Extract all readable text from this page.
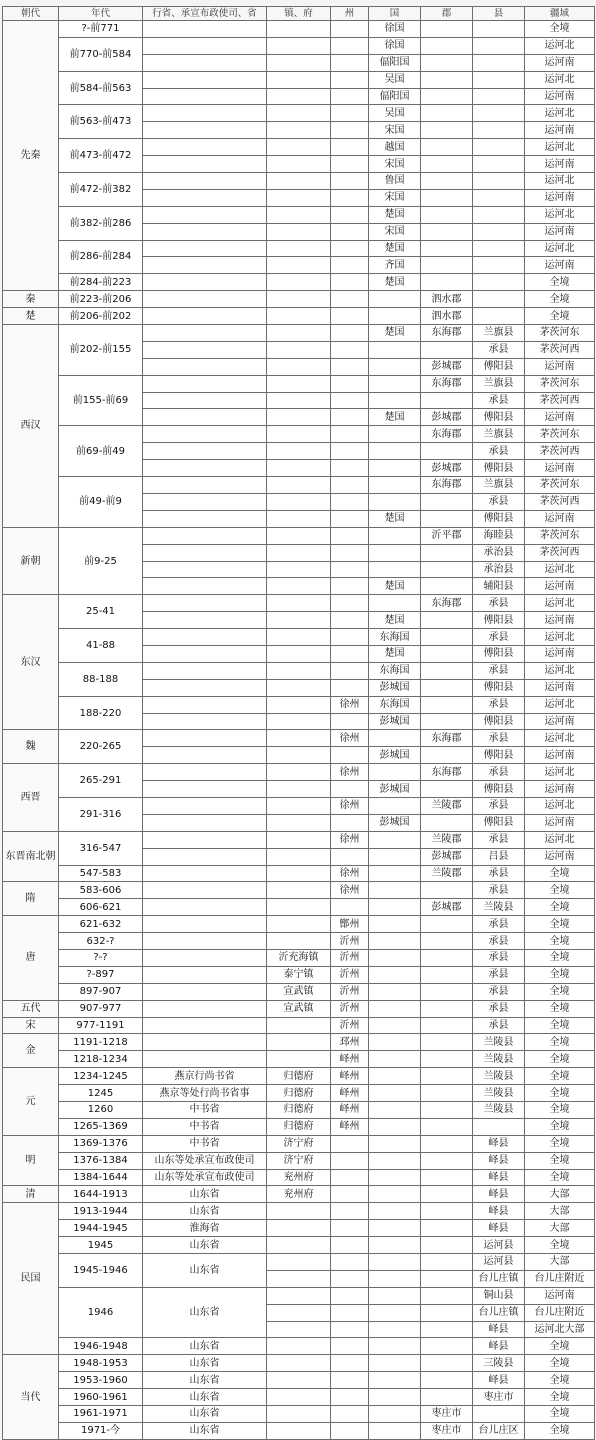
朝代	年代	行省、承宣布政使司、省	镇、府	州	国	郡	县	疆域
先秦	?-前771				徐国			全境
	前770-前584				徐国			运河北
					偪阳国			运河南
	前584-前563				吴国			运河北
					偪阳国			运河南
	前563-前473				吴国			运河北
					宋国			运河南
	前473-前472				越国			运河北
					宋国			运河南
	前472-前382				鲁国			运河北
					宋国			运河南
	前382-前286				楚国			运河北
					宋国			运河南
	前286-前284				楚国			运河北
					齐国			运河南
	前284-前223				楚国			全境
秦	前223-前206					泗水郡		全境
楚	前206-前202					泗水郡		全境
西汉	前202-前155				楚国	东海郡	兰旗县	茅茨河东
							承县	茅茨河西
						彭城郡	傅阳县	运河南
	前155-前69					东海郡	兰旗县	茅茨河东
							承县	茅茨河西
					楚国	彭城郡	傅阳县	运河南
	前69-前49					东海郡	兰旗县	茅茨河东
							承县	茅茨河西
						彭城郡	傅阳县	运河南
	前49-前9					东海郡	兰旗县	茅茨河东
							承县	茅茨河西
					楚国		傅阳县	运河南
新朝	前9-25					沂平郡	海睦县	茅茨河东
							承治县	茅茨河西
							承治县	运河北
					楚国		辅阳县	运河南
东汉	25-41					东海郡	承县	运河北
					楚国		傅阳县	运河南
	41-88				东海国		承县	运河北
					楚国		傅阳县	运河南
	88-188				东海国		承县	运河北
					彭城国		傅阳县	运河南
	188-220			徐州	东海国		承县	运河北
					彭城国		傅阳县	运河南
魏	220-265			徐州		东海郡	承县	运河北
					彭城国		傅阳县	运河南
西晋	265-291			徐州		东海郡	承县	运河北
					彭城国		傅阳县	运河南
	291-316			徐州		兰陵郡	承县	运河北
					彭城国		傅阳县	运河南
东晋南北朝	316-547			徐州		兰陵郡	承县	运河北
						彭城郡	吕县	运河南
	547-583			徐州		兰陵郡	承县	全境
隋	583-606			徐州			承县	全境
	606-621					彭城郡	兰陵县	全境
唐	621-632			鄫州			承县	全境
	632-?			沂州			承县	全境
	?-?		沂充海镇	沂州			承县	全境
	?-897		泰宁镇	沂州			承县	全境
	897-907		宣武镇	沂州			承县	全境
五代	907-977		宣武镇	沂州			承县	全境
宋	977-1191			沂州			承县	全境
金	1191-1218			邳州			兰陵县	全境
	1218-1234			峄州			兰陵县	全境
元	1234-1245	燕京行尚书省	归德府	峄州			兰陵县	全境
	1245	燕京等处行尚书省事	归德府	峄州			兰陵县	全境
	1260	中书省	归德府	峄州			兰陵县	全境
	1265-1369	中书省	归德府	峄州				全境
明	1369-1376	中书省	济宁府				峄县	全境
	1376-1384	山东等处承宣布政使司	济宁府				峄县	全境
	1384-1644	山东等处承宣布政使司	兖州府				峄县	全境
清	1644-1913	山东省	兖州府				峄县	大部
民国	1913-1944	山东省					峄县	大部
	1944-1945	淮海省					峄县	大部
	1945	山东省					运河县	全境
	1945-1946	山东省					运河县	大部
							台儿庄镇	台儿庄附近
	1946	山东省					铜山县	运河南
							台儿庄镇	台儿庄附近
							峄县	运河北大部
	1946-1948	山东省					峄县	全境
当代	1948-1953	山东省					三陵县	全境
	1953-1960	山东省					峄县	全境
	1960-1961	山东省					枣庄市	全境
	1961-1971	山东省				枣庄市		全境
	1971-今	山东省				枣庄市	台儿庄区	全境
